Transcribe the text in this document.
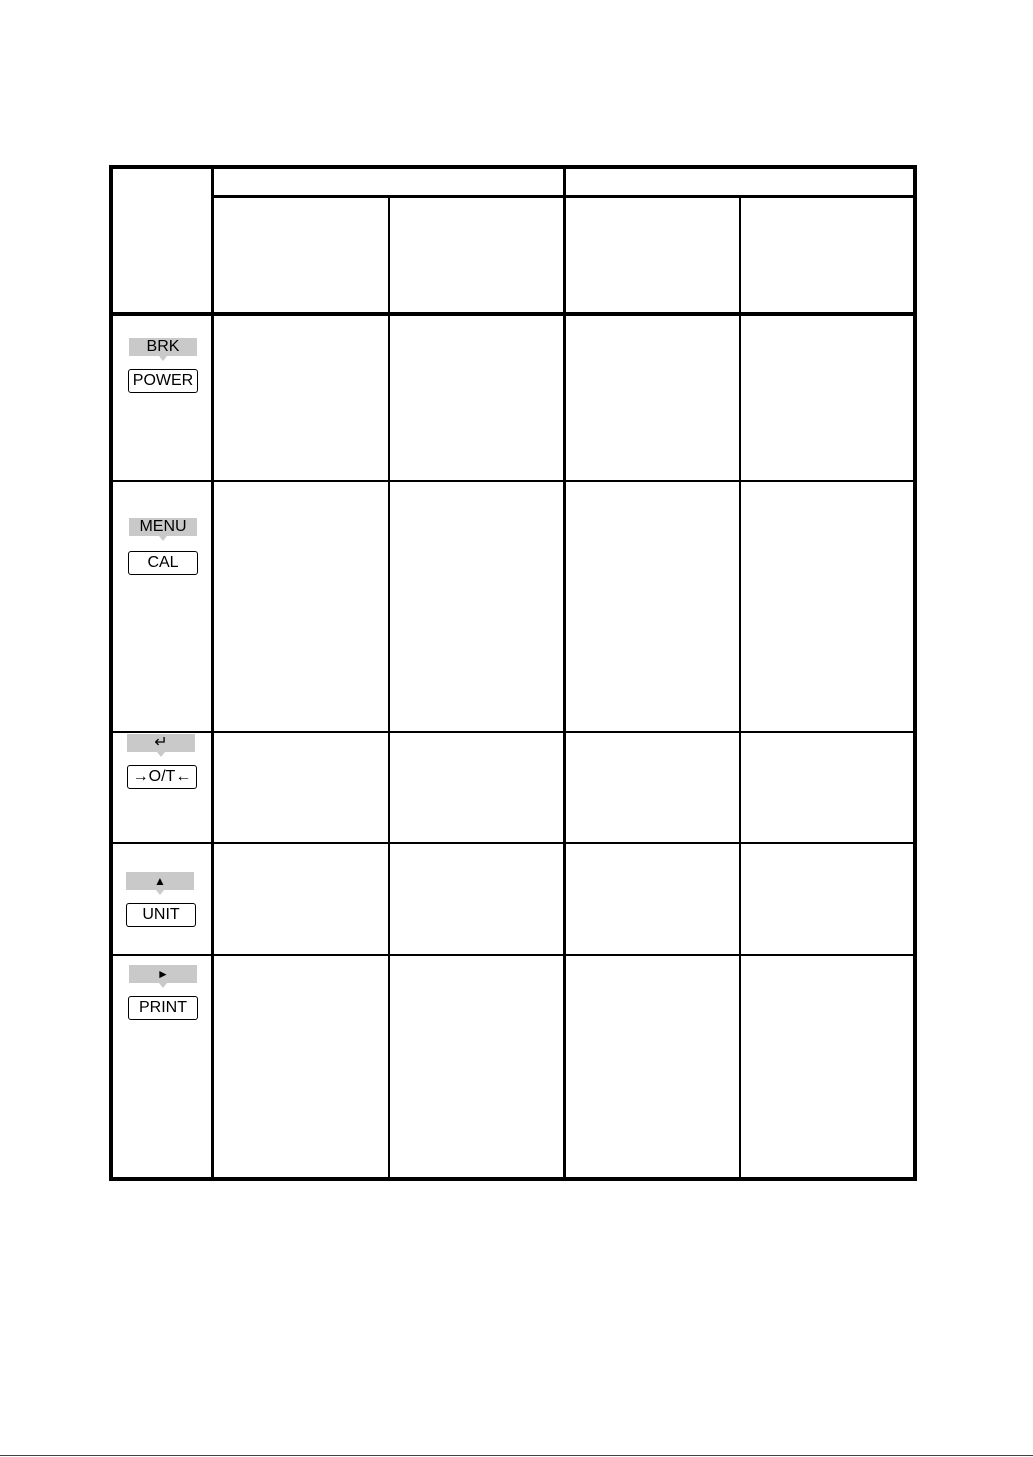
BRK
POWER
MENU
CAL
↵
→O/T←
▲
UNIT
►
PRINT
